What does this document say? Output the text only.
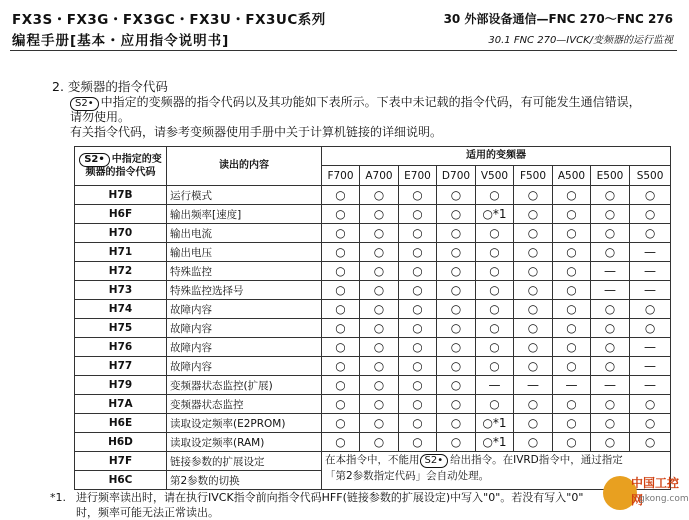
FX3S・FX3G・FX3GC・FX3U・FX3UC系列
编程手册[基本・应用指令说明书]
30 外部设备通信—FNC 270～FNC 276
30.1 FNC 270—IVCK/变频器的运行监视
2. 变频器的指令代码
S2• 中指定的变频器的指令代码以及其功能如下表所示。下表中未记载的指令代码，有可能发生通信错误，
请勿使用。
有关指令代码，请参考变频器使用手册中关于计算机链接的详细说明。
S2• 中指定的变频器的指令代码	读出的内容	适用的变频器								
		F700	A700	E700	D700	V500	F500	A500	E500	S500
H7B	运行模式	○	○	○	○	○	○	○	○	○
H6F	输出频率[速度]	○	○	○	○	○*1	○	○	○	○
H70	输出电流	○	○	○	○	○	○	○	○	○
H71	输出电压	○	○	○	○	○	○	○	○	—
H72	特殊监控	○	○	○	○	○	○	○	—	—
H73	特殊监控选择号	○	○	○	○	○	○	○	—	—
H74	故障内容	○	○	○	○	○	○	○	○	○
H75	故障内容	○	○	○	○	○	○	○	○	○
H76	故障内容	○	○	○	○	○	○	○	○	—
H77	故障内容	○	○	○	○	○	○	○	○	—
H79	变频器状态监控(扩展)	○	○	○	○	—	—	—	—	—
H7A	变频器状态监控	○	○	○	○	○	○	○	○	○
H6E	读取设定频率(E2PROM)	○	○	○	○	○*1	○	○	○	○
H6D	读取设定频率(RAM)	○	○	○	○	○*1	○	○	○	○
H7F	链接参数的扩展设定	在本指令中，不能用 S2• 给出指令。在IVRD指令中，通过指定
「第2参数指定代码」会自动处理。								
H6C	第2参数的切换									
*1. 进行频率读出时，请在执行IVCK指令前向指令代码HFF(链接参数的扩展设定)中写入"0"。若没有写入"0"
时，频率可能无法正常读出。
中国工控网
gkong.com
